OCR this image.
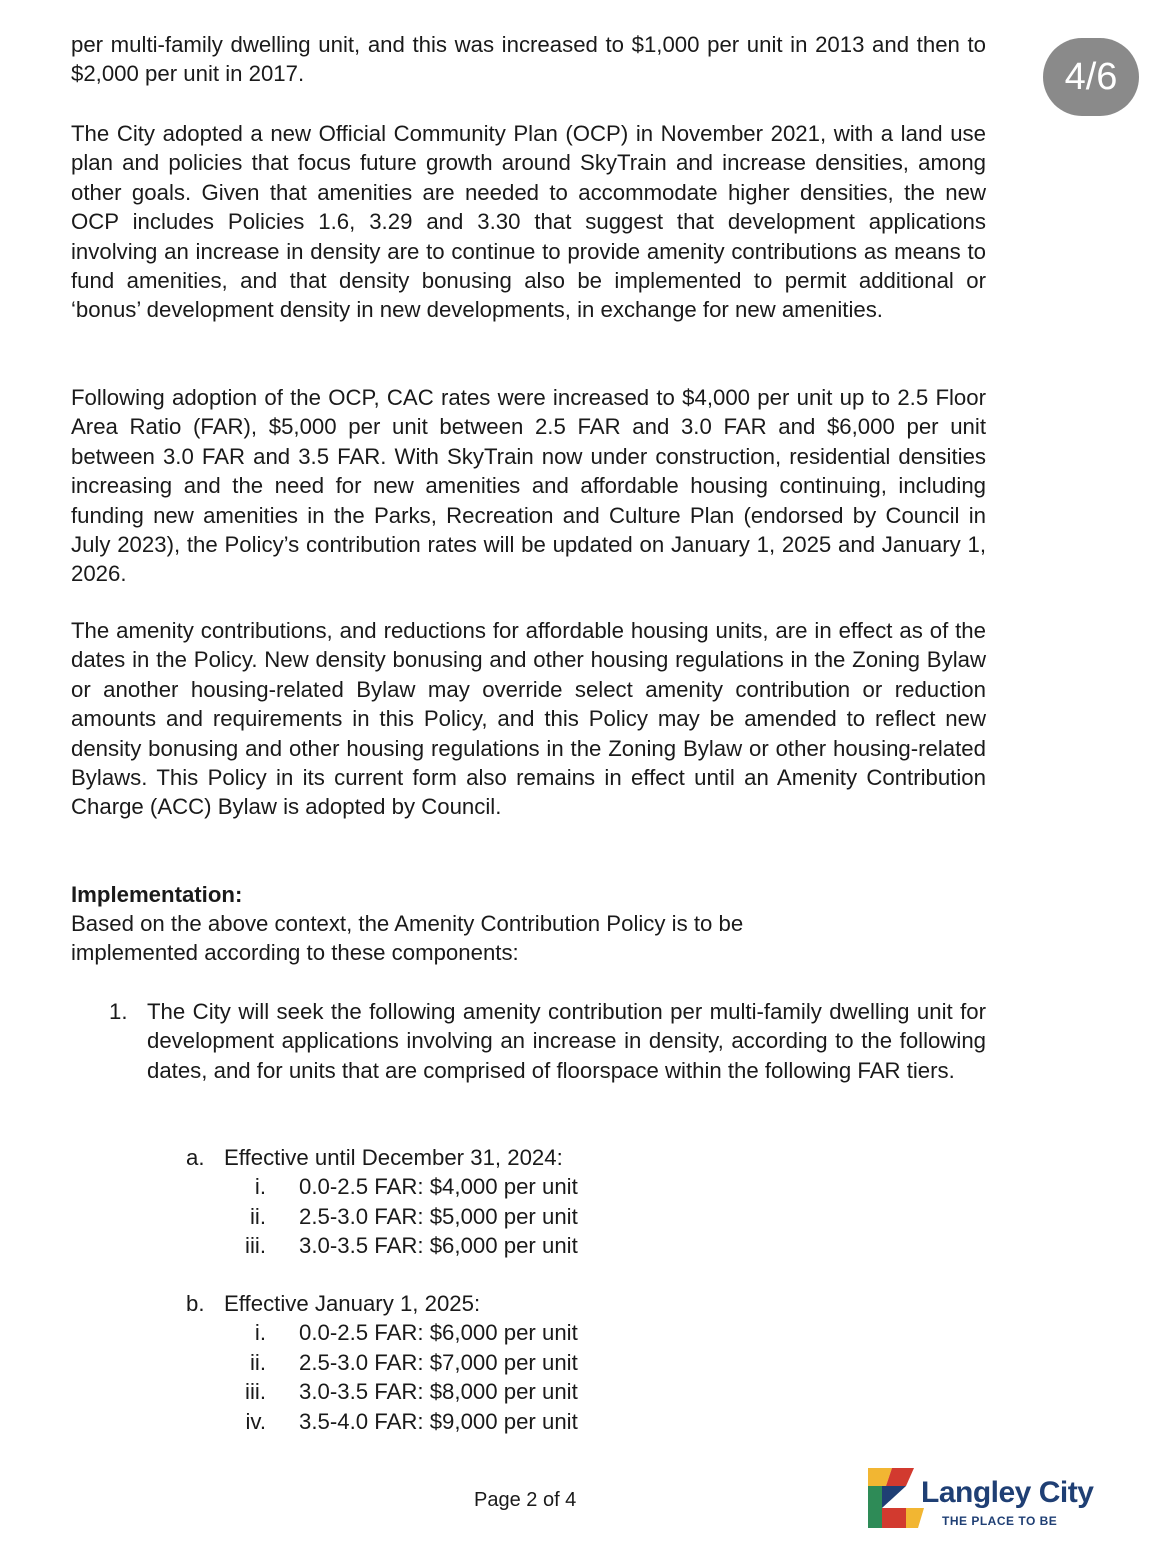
4/6

per multi-family dwelling unit, and this was increased to $1,000 per unit in 2013 and then to $2,000 per unit in 2017.

The City adopted a new Official Community Plan (OCP) in November 2021, with a land use plan and policies that focus future growth around SkyTrain and increase densities, among other goals. Given that amenities are needed to accommodate higher densities, the new OCP includes Policies 1.6, 3.29 and 3.30 that suggest that development applications involving an increase in density are to continue to provide amenity contributions as means to fund amenities, and that density bonusing also be implemented to permit additional or ‘bonus’ development density in new developments, in exchange for new amenities.

Following adoption of the OCP, CAC rates were increased to $4,000 per unit up to 2.5 Floor Area Ratio (FAR), $5,000 per unit between 2.5 FAR and 3.0 FAR and $6,000 per unit between 3.0 FAR and 3.5 FAR. With SkyTrain now under construction, residential densities increasing and the need for new amenities and affordable housing continuing, including funding new amenities in the Parks, Recreation and Culture Plan (endorsed by Council in July 2023), the Policy’s contribution rates will be updated on January 1, 2025 and January 1, 2026.

The amenity contributions, and reductions for affordable housing units, are in effect as of the dates in the Policy. New density bonusing and other housing regulations in the Zoning Bylaw or another housing-related Bylaw may override select amenity contribution or reduction amounts and requirements in this Policy, and this Policy may be amended to reflect new density bonusing and other housing regulations in the Zoning Bylaw or other housing-related Bylaws. This Policy in its current form also remains in effect until an Amenity Contribution Charge (ACC) Bylaw is adopted by Council.

Implementation:

Based on the above context, the Amenity Contribution Policy is to be implemented according to these components:

1. The City will seek the following amenity contribution per multi-family dwelling unit for development applications involving an increase in density, according to the following dates, and for units that are comprised of floorspace within the following FAR tiers.

a. Effective until December 31, 2024:
i. 0.0-2.5 FAR: $4,000 per unit
ii. 2.5-3.0 FAR: $5,000 per unit
iii. 3.0-3.5 FAR: $6,000 per unit
b. Effective January 1, 2025:
i. 0.0-2.5 FAR: $6,000 per unit
ii. 2.5-3.0 FAR: $7,000 per unit
iii. 3.0-3.5 FAR: $8,000 per unit
iv. 3.5-4.0 FAR: $9,000 per unit
Page 2 of 4	Langley City
THE PLACE TO BE
